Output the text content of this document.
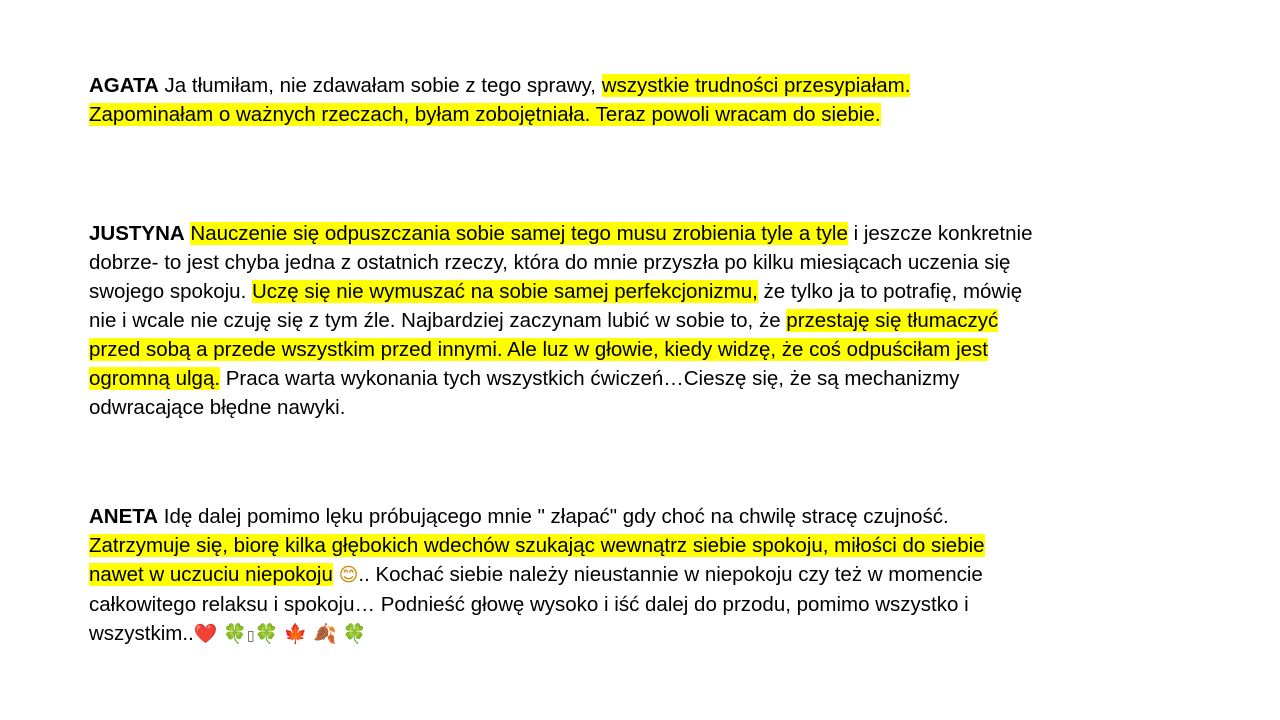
AGATA Ja tłumiłam, nie zdawałam sobie z tego sprawy, wszystkie trudności przesypiałam. Zapominałam o ważnych rzeczach, byłam zobojętniała. Teraz powoli wracam do siebie.
JUSTYNA Nauczenie się odpuszczania sobie samej tego musu zrobienia tyle a tyle i jeszcze konkretnie dobrze- to jest chyba jedna z ostatnich rzeczy, która do mnie przyszła po kilku miesiącach uczenia się swojego spokoju. Uczę się nie wymuszać na sobie samej perfekcjonizmu, że tylko ja to potrafię, mówię nie i wcale nie czuję się z tym źle. Najbardziej zaczynam lubić w sobie to, że przestaję się tłumaczyć przed sobą a przede wszystkim przed innymi. Ale luz w głowie, kiedy widzę, że coś odpuściłam jest ogromną ulgą. Praca warta wykonania tych wszystkich ćwiczeń…Cieszę się, że są mechanizmy odwracające błędne nawyki.
ANETA Idę dalej pomimo lęku próbującego mnie " złapać" gdy choć na chwilę stracę czujność. Zatrzymuje się, biorę kilka głębokich wdechów szukając wewnątrz siebie spokoju, miłości do siebie nawet w uczuciu niepokoju 😊.. Kochać siebie należy nieustannie w niepokoju czy też w momencie całkowitego relaksu i spokoju… Podnieść głowę wysoko i iść dalej do przodu, pomimo wszystko i wszystkim..❤️ 🍀▯🍀 🍁 🍂 🍀
